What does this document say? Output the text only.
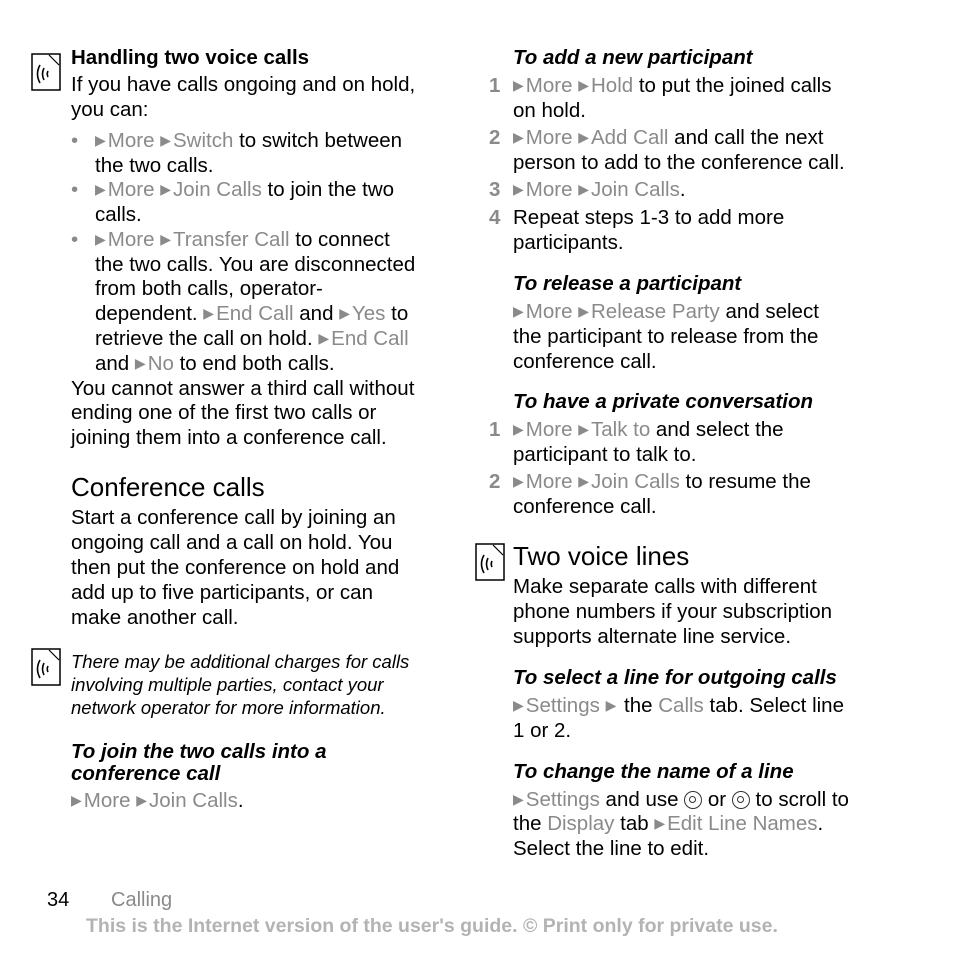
Handling two voice calls
If you have calls ongoing and on hold,
you can:
• ▶More ▶Switch to switch between
the two calls.
• ▶More ▶Join Calls to join the two
calls.
• ▶More ▶Transfer Call to connect
the two calls. You are disconnected
from both calls, operator-
dependent. ▶End Call and ▶Yes to
retrieve the call on hold. ▶End Call
and ▶No to end both calls.
You cannot answer a third call without
ending one of the first two calls or
joining them into a conference call.
Conference calls
Start a conference call by joining an
ongoing call and a call on hold. You
then put the conference on hold and
add up to five participants, or can
make another call.
There may be additional charges for calls
involving multiple parties, contact your
network operator for more information.
To join the two calls into a
conference call
▶More ▶Join Calls.
To add a new participant
1 ▶More ▶Hold to put the joined calls
on hold.
2 ▶More ▶Add Call and call the next
person to add to the conference call.
3 ▶More ▶Join Calls.
4 Repeat steps 1-3 to add more
participants.
To release a participant
▶More ▶Release Party and select
the participant to release from the
conference call.
To have a private conversation
1 ▶More ▶Talk to and select the
participant to talk to.
2 ▶More ▶Join Calls to resume the
conference call.
Two voice lines
Make separate calls with different
phone numbers if your subscription
supports alternate line service.
To select a line for outgoing calls
▶Settings ▶ the Calls tab. Select line
1 or 2.
To change the name of a line
▶Settings and use  or  to scroll to
the Display tab ▶Edit Line Names.
Select the line to edit.
34 Calling
This is the Internet version of the user's guide. © Print only for private use.
